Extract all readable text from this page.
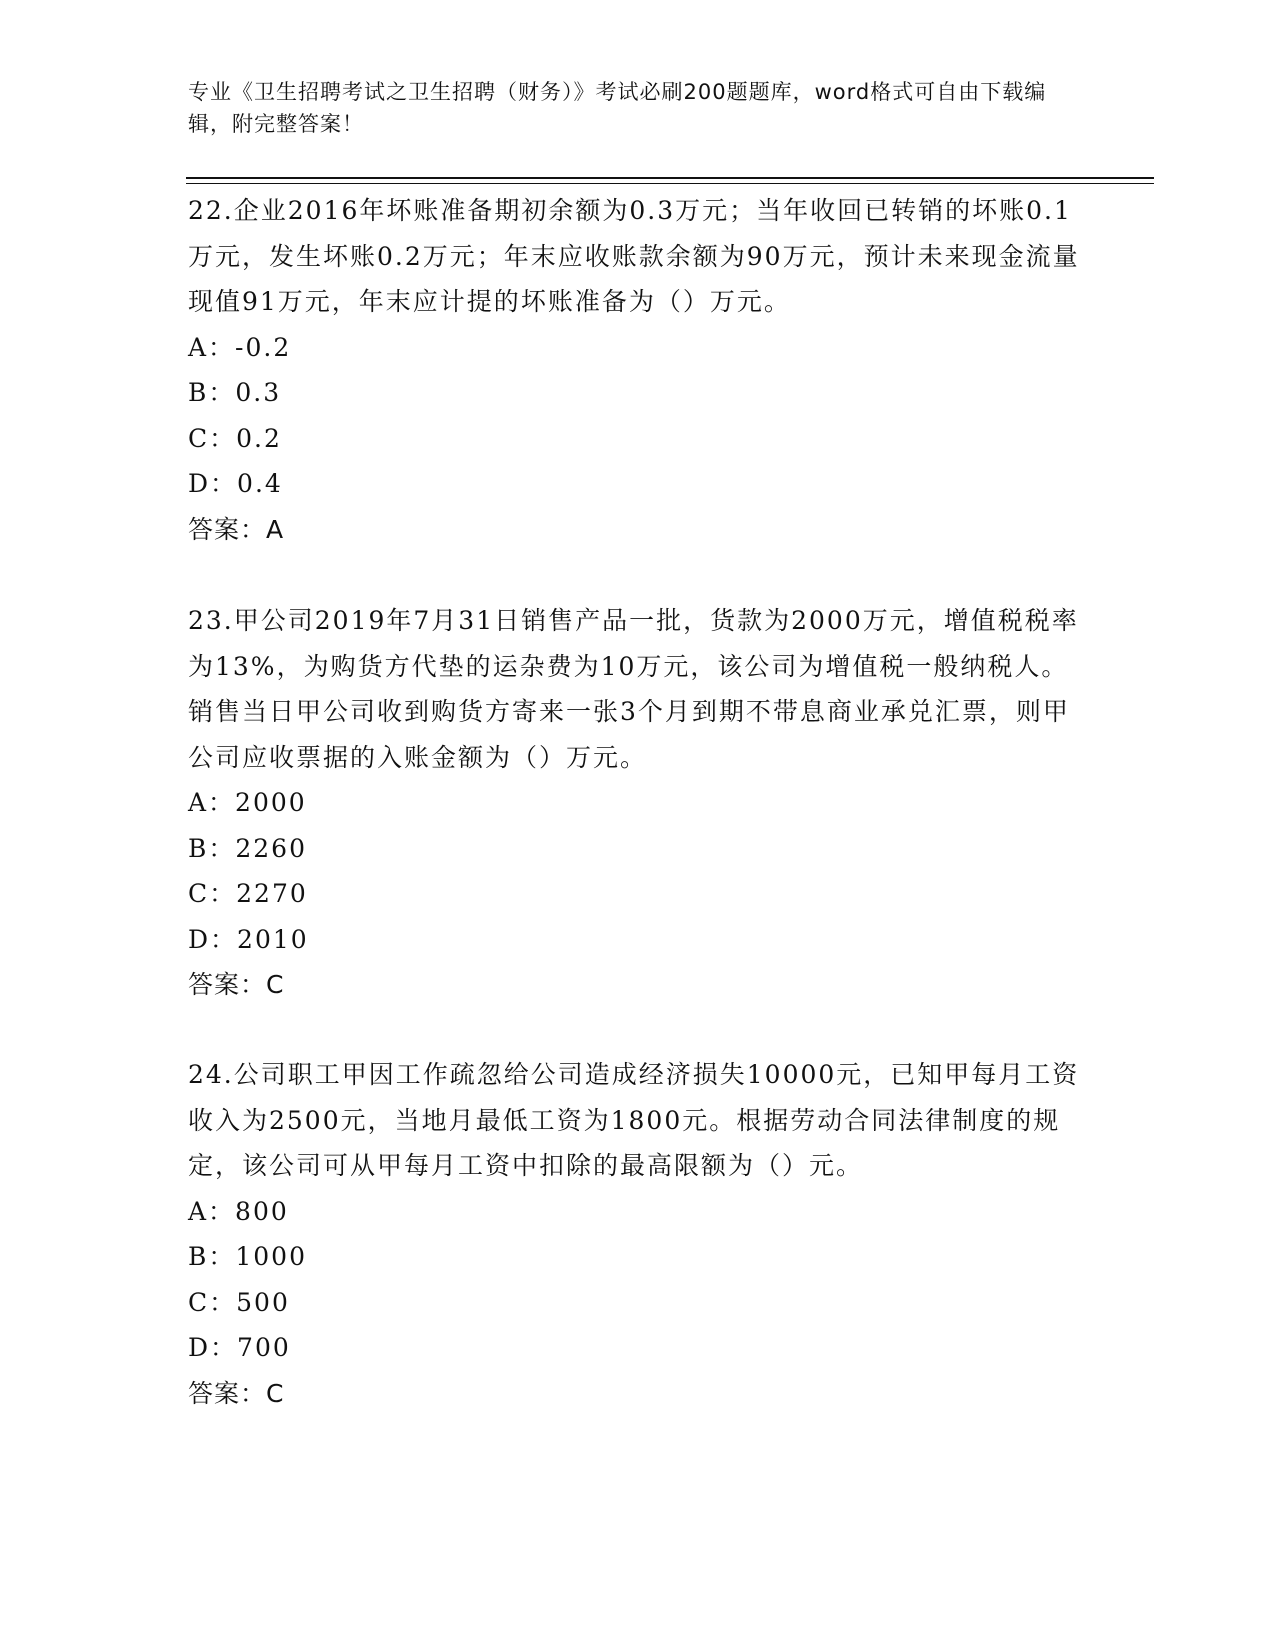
专业《卫生招聘考试之卫生招聘（财务）》考试必刷200题题库，word格式可自由下载编辑，附完整答案！

22.企业2016年坏账准备期初余额为0.3万元；当年收回已转销的坏账0.1万元，发生坏账0.2万元；年末应收账款余额为90万元，预计未来现金流量现值91万元，年末应计提的坏账准备为（）万元。

A：-0.2

B：0.3

C：0.2

D：0.4

答案：A

23.甲公司2019年7月31日销售产品一批，货款为2000万元，增值税税率为13%，为购货方代垫的运杂费为10万元，该公司为增值税一般纳税人。销售当日甲公司收到购货方寄来一张3个月到期不带息商业承兑汇票，则甲公司应收票据的入账金额为（）万元。

A：2000

B：2260

C：2270

D：2010

答案：C

24.公司职工甲因工作疏忽给公司造成经济损失10000元，已知甲每月工资收入为2500元，当地月最低工资为1800元。根据劳动合同法律制度的规定，该公司可从甲每月工资中扣除的最高限额为（）元。

A：800

B：1000

C：500

D：700

答案：C
